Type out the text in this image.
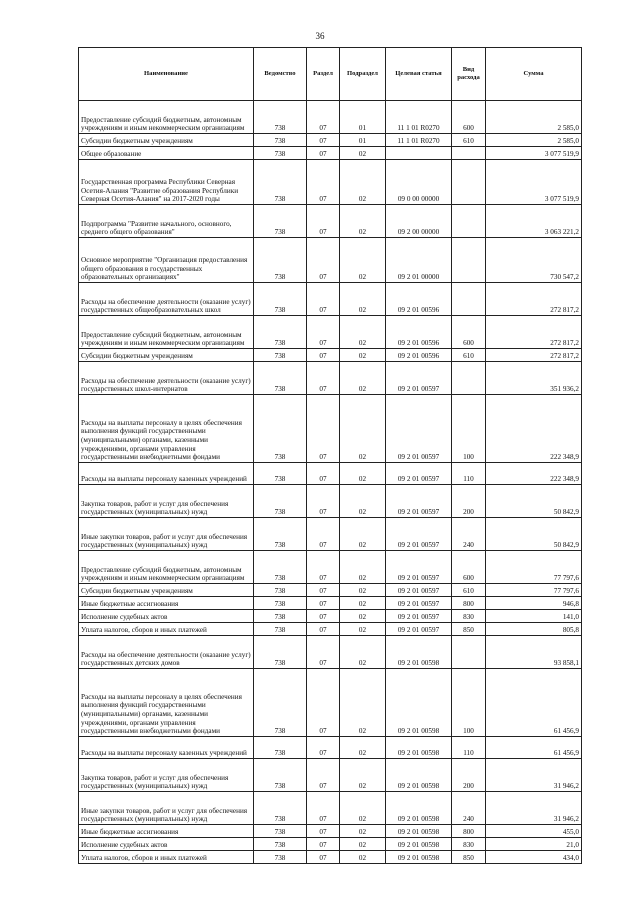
36
Наименование	Ведомство	Раздел	Подраздел	Целевая статья	Вид расхода	Сумма

Предоставление субсидий бюджетным, автономным учреждениям и иным некоммерческим организациям	738	07	01	11 1 01 R0270	600	2 585,0

Субсидии бюджетным учреждениям	738	07	01	11 1 01 R0270	610	2 585,0

Общее образование	738	07	02			3 077 519,9

Государственная программа Республики Северная Осетия-Алания "Развитие образования Республики Северная Осетия-Алания" на 2017-2020 годы	738	07	02	09 0 00 00000		3 077 519,9

Подпрограмма "Развитие начального, основного, среднего общего образования"	738	07	02	09 2 00 00000		3 063 221,2

Основное мероприятие "Организация предоставления общего образования в государственных образовательных организациях"	738	07	02	09 2 01 00000		730 547,2

Расходы на обеспечение деятельности (оказание услуг) государственных общеобразовательных школ	738	07	02	09 2 01 00596		272 817,2

Предоставление субсидий бюджетным, автономным учреждениям и иным некоммерческим организациям	738	07	02	09 2 01 00596	600	272 817,2

Субсидии бюджетным учреждениям	738	07	02	09 2 01 00596	610	272 817,2

Расходы на обеспечение деятельности (оказание услуг) государственных школ-интернатов	738	07	02	09 2 01 00597		351 936,2

Расходы на выплаты персоналу в целях обеспечения выполнения функций государственными (муниципальными) органами, казенными учреждениями, органами управления государственными внебюджетными фондами	738	07	02	09 2 01 00597	100	222 348,9

Расходы на выплаты персоналу казенных учреждений	738	07	02	09 2 01 00597	110	222 348,9

Закупка товаров, работ и услуг для обеспечения государственных (муниципальных) нужд	738	07	02	09 2 01 00597	200	50 842,9

Иные закупки товаров, работ и услуг для обеспечения государственных (муниципальных) нужд	738	07	02	09 2 01 00597	240	50 842,9

Предоставление субсидий бюджетным, автономным учреждениям и иным некоммерческим организациям	738	07	02	09 2 01 00597	600	77 797,6

Субсидии бюджетным учреждениям	738	07	02	09 2 01 00597	610	77 797,6

Иные бюджетные ассигнования	738	07	02	09 2 01 00597	800	946,8

Исполнение судебных актов	738	07	02	09 2 01 00597	830	141,0

Уплата налогов, сборов и иных платежей	738	07	02	09 2 01 00597	850	805,8

Расходы на обеспечение деятельности (оказание услуг) государственных детских домов	738	07	02	09 2 01 00598		93 858,1

Расходы на выплаты персоналу в целях обеспечения выполнения функций государственными (муниципальными) органами, казенными учреждениями, органами управления государственными внебюджетными фондами	738	07	02	09 2 01 00598	100	61 456,9

Расходы на выплаты персоналу казенных учреждений	738	07	02	09 2 01 00598	110	61 456,9

Закупка товаров, работ и услуг для обеспечения государственных (муниципальных) нужд	738	07	02	09 2 01 00598	200	31 946,2

Иные закупки товаров, работ и услуг для обеспечения государственных (муниципальных) нужд	738	07	02	09 2 01 00598	240	31 946,2

Иные бюджетные ассигнования	738	07	02	09 2 01 00598	800	455,0

Исполнение судебных актов	738	07	02	09 2 01 00598	830	21,0

Уплата налогов, сборов и иных платежей	738	07	02	09 2 01 00598	850	434,0
